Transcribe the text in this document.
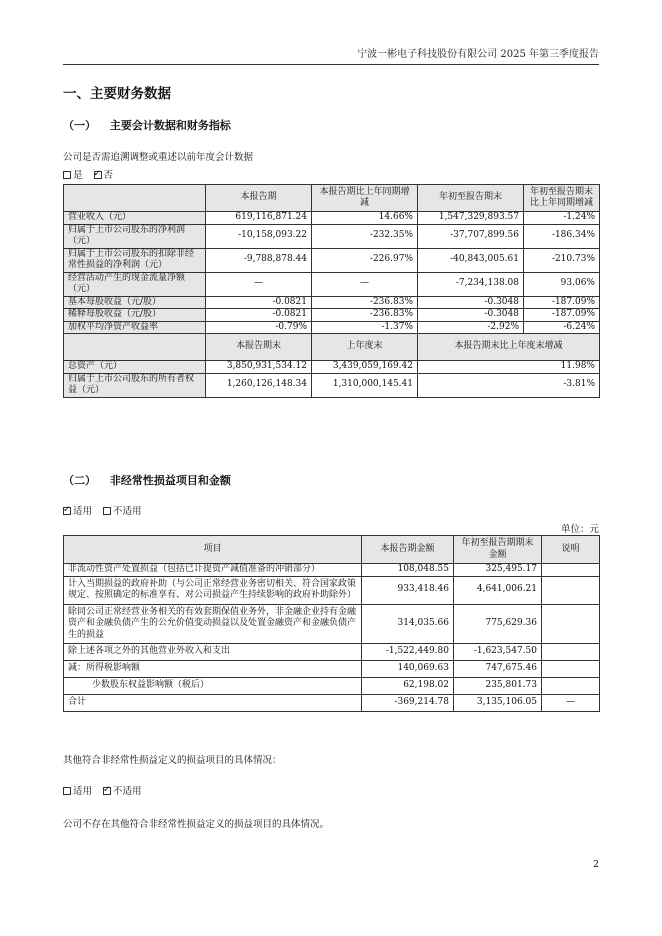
宁波一彬电子科技股份有限公司 2025 年第三季度报告
一、主要财务数据
（一） 主要会计数据和财务指标
公司是否需追溯调整或重述以前年度会计数据
是 ✓ 否
	本报告期	本报告期比上年同期增减	年初至报告期末	年初至报告期末比上年同期增减
营业收入（元）	619,116,871.24	14.66%	1,547,329,893.57	-1.24%
归属于上市公司股东的净利润（元）	-10,158,093.22	-232.35%	-37,707,899.56	-186.34%
归属于上市公司股东的扣除非经常性损益的净利润（元）	-9,788,878.44	-226.97%	-40,843,005.61	-210.73%
经营活动产生的现金流量净额（元）	—	—	-7,234,138.08	93.06%
基本每股收益（元/股）	-0.0821	-236.83%	-0.3048	-187.09%
稀释每股收益（元/股）	-0.0821	-236.83%	-0.3048	-187.09%
加权平均净资产收益率	-0.79%	-1.37%	-2.92%	-6.24%
	本报告期末	上年度末	本报告期末比上年度末增减	
总资产（元）	3,850,931,534.12	3,439,059,169.42	11.98%	
归属于上市公司股东的所有者权益（元）	1,260,126,148.34	1,310,000,145.41	-3.81%	
（二） 非经常性损益项目和金额
✓适用 不适用
单位：元
项目	本报告期金额	年初至报告期期末金额	说明
非流动性资产处置损益（包括已计提资产减值准备的冲销部分）	108,048.55	325,495.17	
计入当期损益的政府补助（与公司正常经营业务密切相关、符合国家政策规定、按照确定的标准享有、对公司损益产生持续影响的政府补助除外）	933,418.46	4,641,006.21	
除同公司正常经营业务相关的有效套期保值业务外，非金融企业持有金融资产和金融负债产生的公允价值变动损益以及处置金融资产和金融负债产生的损益	314,035.66	775,629.36	
除上述各项之外的其他营业外收入和支出	-1,522,449.80	-1,623,547.50	
减：所得税影响额	140,069.63	747,675.46	
少数股东权益影响额（税后）	62,198.02	235,801.73	
合计	-369,214.78	3,135,106.05	—
其他符合非经常性损益定义的损益项目的具体情况：
适用 ✓ 不适用
公司不存在其他符合非经常性损益定义的损益项目的具体情况。
2
